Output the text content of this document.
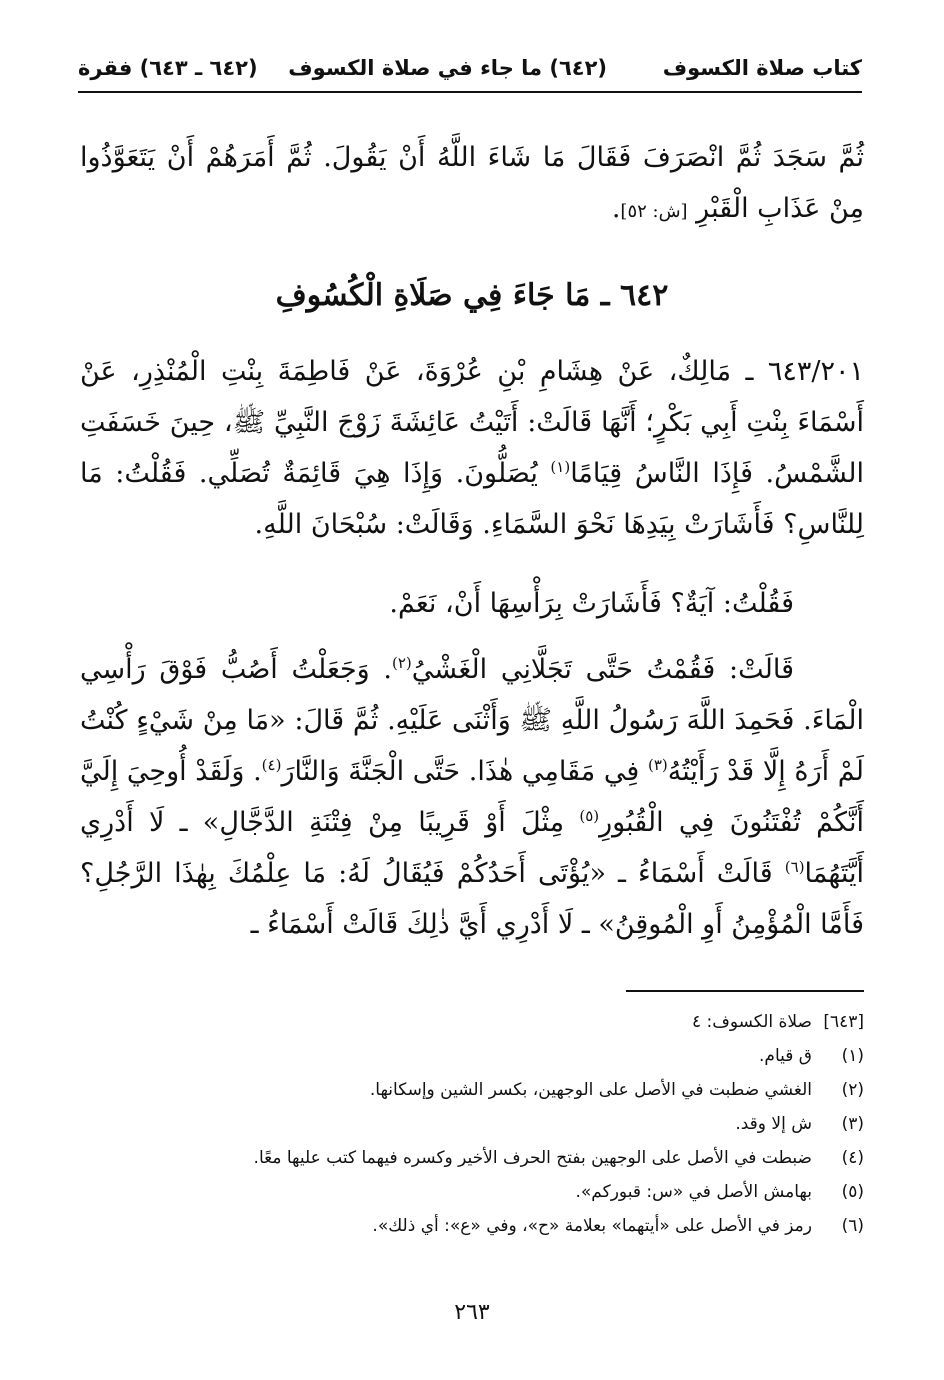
كتاب صلاة الكسوف
(٦٤٢) ما جاء في صلاة الكسوف
(٦٤٢ ـ ٦٤٣) فقرة

ثُمَّ سَجَدَ ثُمَّ انْصَرَفَ فَقَالَ مَا شَاءَ اللَّهُ أَنْ يَقُولَ. ثُمَّ أَمَرَهُمْ أَنْ يَتَعَوَّذُوا مِنْ عَذَابِ الْقَبْرِ [ش: ٥٢].

٦٤٢ ـ مَا جَاءَ فِي صَلَاةِ الْكُسُوفِ

٦٤٣/٢٠١ ـ مَالِكٌ، عَنْ هِشَامِ بْنِ عُرْوَةَ، عَنْ فَاطِمَةَ بِنْتِ الْمُنْذِرِ، عَنْ أَسْمَاءَ بِنْتِ أَبِي بَكْرٍ؛ أَنَّهَا قَالَتْ: أَتَيْتُ عَائِشَةَ زَوْجَ النَّبِيِّ ﷺ، حِينَ خَسَفَتِ الشَّمْسُ. فَإِذَا النَّاسُ قِيَامًا$^{(١)}$ يُصَلُّونَ. وَإِذَا هِيَ قَائِمَةٌ تُصَلِّي. فَقُلْتُ: مَا لِلنَّاسِ؟ فَأَشَارَتْ بِيَدِهَا نَحْوَ السَّمَاءِ. وَقَالَتْ: سُبْحَانَ اللَّهِ.

فَقُلْتُ: آيَةٌ؟ فَأَشَارَتْ بِرَأْسِهَا أَنْ، نَعَمْ.

قَالَتْ: فَقُمْتُ حَتَّى تَجَلَّانِي الْغَشْيُ$^{(٢)}$. وَجَعَلْتُ أَصُبُّ فَوْقَ رَأْسِي الْمَاءَ. فَحَمِدَ اللَّهَ رَسُولُ اللَّهِ ﷺ وَأَثْنَى عَلَيْهِ. ثُمَّ قَالَ: «مَا مِنْ شَيْءٍ كُنْتُ لَمْ أَرَهُ إِلَّا قَدْ رَأَيْتُهُ$^{(٣)}$ فِي مَقَامِي هٰذَا. حَتَّى الْجَنَّةَ وَالنَّارَ$^{(٤)}$. وَلَقَدْ أُوحِيَ إِلَيَّ أَنَّكُمْ تُفْتَنُونَ فِي الْقُبُورِ$^{(٥)}$ مِثْلَ أَوْ قَرِيبًا مِنْ فِتْنَةِ الدَّجَّالِ» ـ لَا أَدْرِي أَيَّتَهُمَا$^{(٦)}$ قَالَتْ أَسْمَاءُ ـ «يُؤْتَى أَحَدُكُمْ فَيُقَالُ لَهُ: مَا عِلْمُكَ بِهٰذَا الرَّجُلِ؟ فَأَمَّا الْمُؤْمِنُ أَوِ الْمُوقِنُ» ـ لَا أَدْرِي أَيَّ ذٰلِكَ قَالَتْ أَسْمَاءُ ـ

[٦٤٣]صلاة الكسوف: ٤
(١)ق قيام.
(٢)الغشي ضطبت في الأصل على الوجهين، بكسر الشين وإسكانها.
(٣)ش إلا وقد.
(٤)ضبطت في الأصل على الوجهين بفتح الحرف الأخير وكسره فيهما كتب عليها معًا.
(٥)بهامش الأصل في «س: قبوركم».
(٦)رمز في الأصل على «أيتهما» بعلامة «ح»، وفي «ع»: أي ذلك».
٢٦٣
